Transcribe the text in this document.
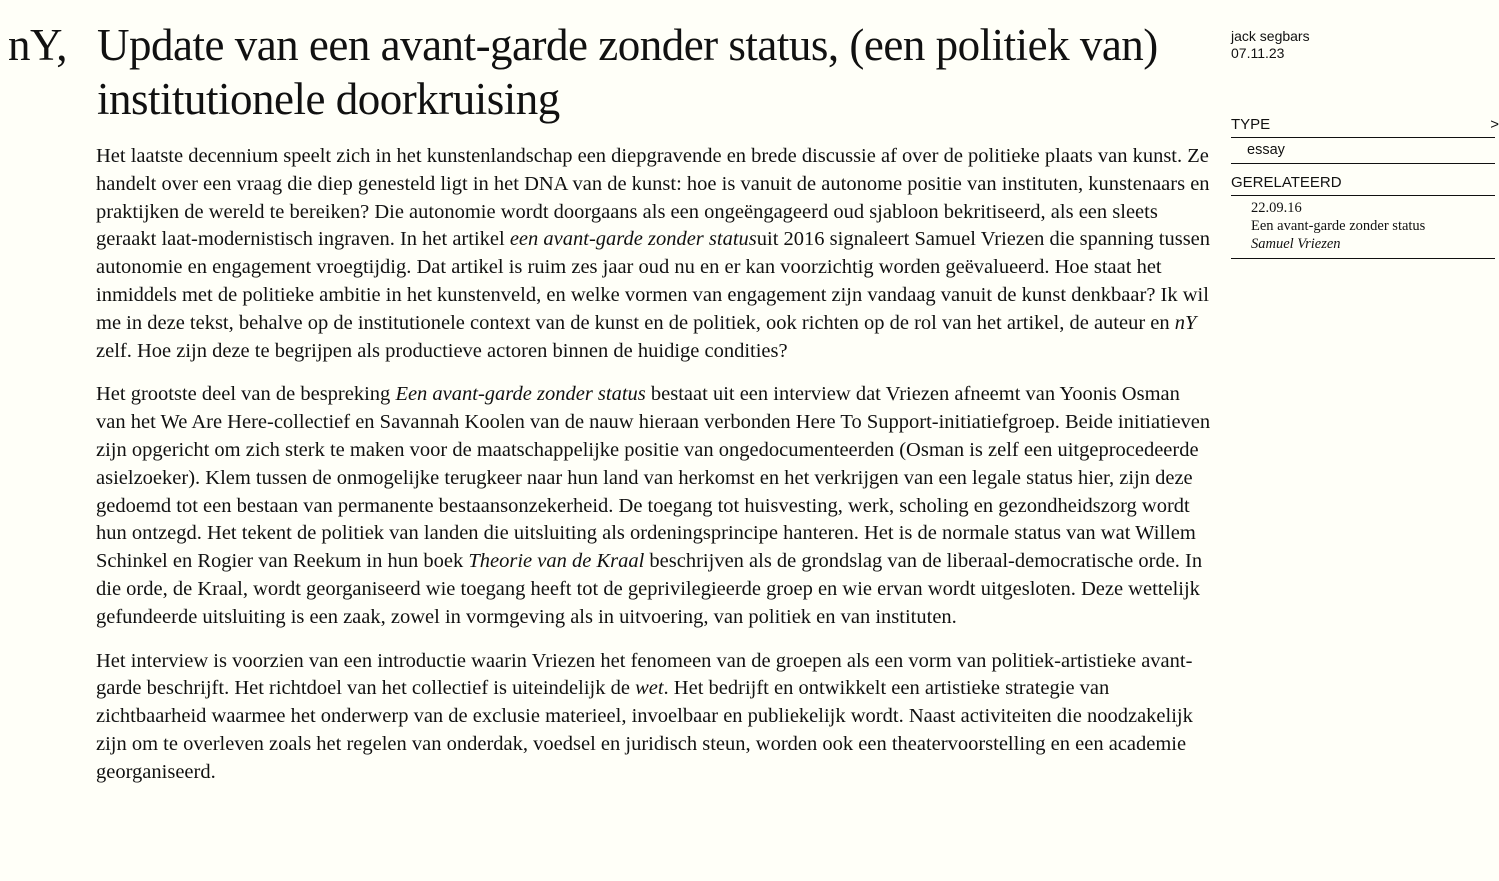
nY, Update van een avant-garde zonder status, (een politiek van) institutionele doorkruising

Het laatste decennium speelt zich in het kunstenlandschap een diepgravende en brede discussie af over de politieke plaats van kunst. Ze handelt over een vraag die diep genesteld ligt in het DNA van de kunst: hoe is vanuit de autonome positie van instituten, kunstenaars en praktijken de wereld te bereiken? Die autonomie wordt doorgaans als een ongeëngageerd oud sjabloon bekritiseerd, als een sleets geraakt laat-modernistisch ingraven. In het artikel een avant-garde zonder statusuit 2016 signaleert Samuel Vriezen die spanning tussen autonomie en engagement vroegtijdig. Dat artikel is ruim zes jaar oud nu en er kan voorzichtig worden geëvalueerd. Hoe staat het inmiddels met de politieke ambitie in het kunstenveld, en welke vormen van engagement zijn vandaag vanuit de kunst denkbaar? Ik wil me in deze tekst, behalve op de institutionele context van de kunst en de politiek, ook richten op de rol van het artikel, de auteur en nY zelf. Hoe zijn deze te begrijpen als productieve actoren binnen de huidige condities?

Het grootste deel van de bespreking Een avant-garde zonder status bestaat uit een interview dat Vriezen afneemt van Yoonis Osman van het We Are Here-collectief en Savannah Koolen van de nauw hieraan verbonden Here To Support-initiatiefgroep. Beide initiatieven zijn opgericht om zich sterk te maken voor de maatschappelijke positie van ongedocumenteerden (Osman is zelf een uitgeprocedeerde asielzoeker). Klem tussen de onmogelijke terugkeer naar hun land van herkomst en het verkrijgen van een legale status hier, zijn deze gedoemd tot een bestaan van permanente bestaansonzekerheid. De toegang tot huisvesting, werk, scholing en gezondheidszorg wordt hun ontzegd. Het tekent de politiek van landen die uitsluiting als ordeningsprincipe hanteren. Het is de normale status van wat Willem Schinkel en Rogier van Reekum in hun boek Theorie van de Kraal beschrijven als de grondslag van de liberaal-democratische orde. In die orde, de Kraal, wordt georganiseerd wie toegang heeft tot de geprivilegieerde groep en wie ervan wordt uitgesloten. Deze wettelijk gefundeerde uitsluiting is een zaak, zowel in vormgeving als in uitvoering, van politiek en van instituten.

Het interview is voorzien van een introductie waarin Vriezen het fenomeen van de groepen als een vorm van politiek-artistieke avant-garde beschrijft. Het richtdoel van het collectief is uiteindelijk de wet. Het bedrijft en ontwikkelt een artistieke strategie van zichtbaarheid waarmee het onderwerp van de exclusie materieel, invoelbaar en publiekelijk wordt. Naast activiteiten die noodzakelijk zijn om te overleven zoals het regelen van onderdak, voedsel en juridisch steun, worden ook een theatervoorstelling en een academie georganiseerd.

jack segbars
07.11.23
TYPE	>
essay
GERELATEERD
22.09.16
Een avant-garde zonder status
Samuel Vriezen
